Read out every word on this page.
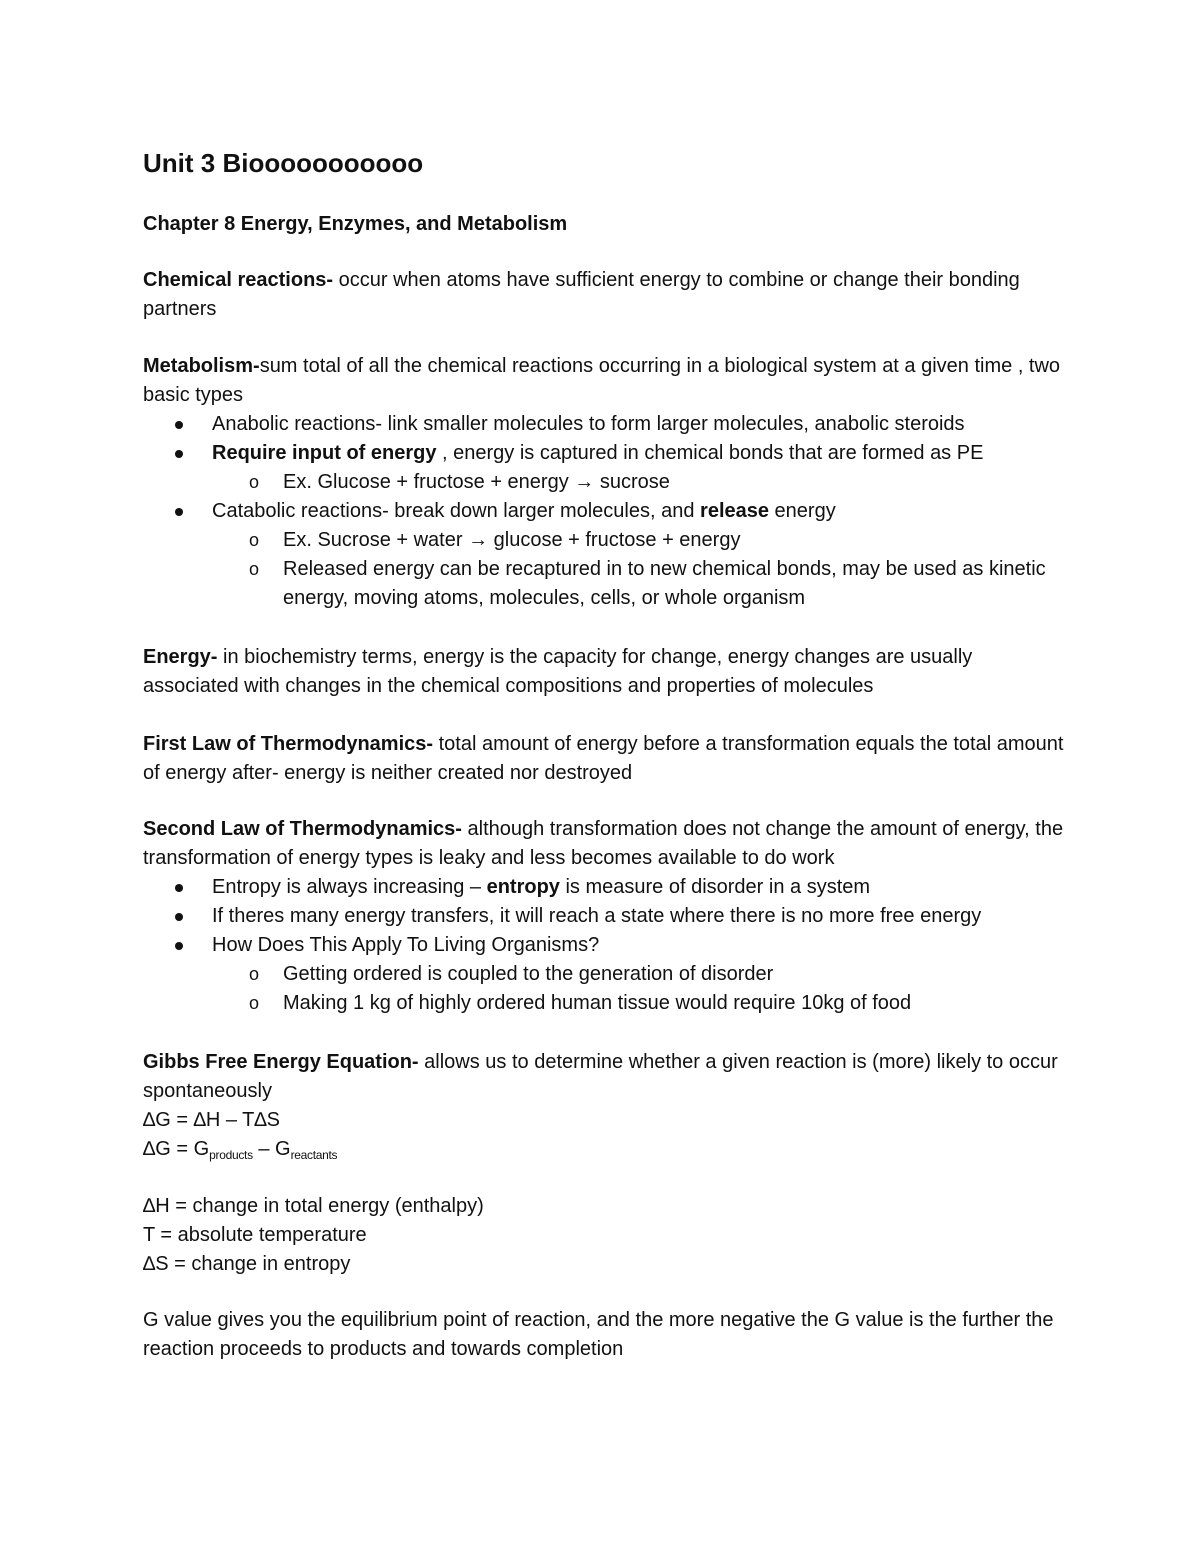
Unit 3 Biooooooooooo
Chapter 8 Energy, Enzymes, and Metabolism

Chemical reactions- occur when atoms have sufficient energy to combine or change their bonding partners

Metabolism-sum total of all the chemical reactions occurring in a biological system at a given time , two basic types

Anabolic reactions- link smaller molecules to form larger molecules, anabolic steroids
Require input of energy , energy is captured in chemical bonds that are formed as PE
o Ex. Glucose + fructose + energy → sucrose
Catabolic reactions- break down larger molecules, and release energy
o Ex. Sucrose + water → glucose + fructose + energy
o Released energy can be recaptured in to new chemical bonds, may be used as kinetic energy, moving atoms, molecules, cells, or whole organism

Energy- in biochemistry terms, energy is the capacity for change, energy changes are usually associated with changes in the chemical compositions and properties of molecules

First Law of Thermodynamics- total amount of energy before a transformation equals the total amount of energy after- energy is neither created nor destroyed

Second Law of Thermodynamics- although transformation does not change the amount of energy, the transformation of energy types is leaky and less becomes available to do work

Entropy is always increasing – entropy is measure of disorder in a system
If theres many energy transfers, it will reach a state where there is no more free energy
How Does This Apply To Living Organisms?
o Getting ordered is coupled to the generation of disorder
o Making 1 kg of highly ordered human tissue would require 10kg of food

Gibbs Free Energy Equation- allows us to determine whether a given reaction is (more) likely to occur spontaneously

∆G = ∆H – T∆S

$\Delta G = G_{products} - G_{reactants}$

∆H = change in total energy (enthalpy)

T = absolute temperature

∆S = change in entropy

G value gives you the equilibrium point of reaction, and the more negative the G value is the further the reaction proceeds to products and towards completion
